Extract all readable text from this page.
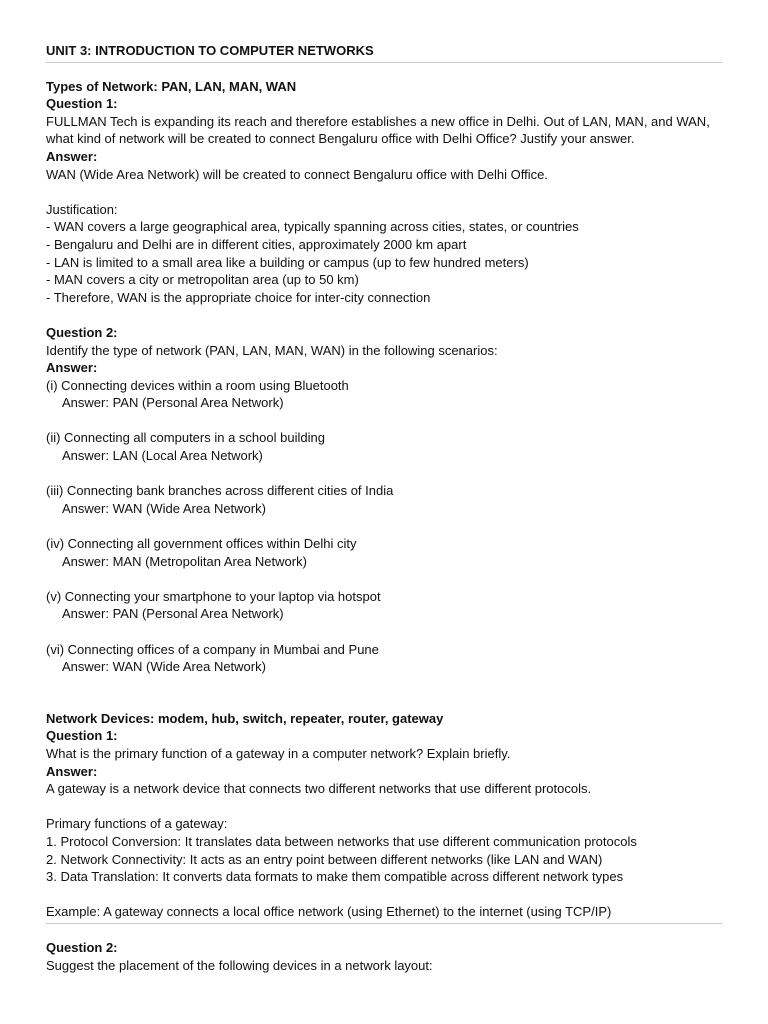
UNIT 3: INTRODUCTION TO COMPUTER NETWORKS
Types of Network: PAN, LAN, MAN, WAN
Question 1:
FULLMAN Tech is expanding its reach and therefore establishes a new office in Delhi. Out of LAN, MAN, and WAN, what kind of network will be created to connect Bengaluru office with Delhi Office? Justify your answer.
Answer:
WAN (Wide Area Network) will be created to connect Bengaluru office with Delhi Office.
Justification:
- WAN covers a large geographical area, typically spanning across cities, states, or countries
- Bengaluru and Delhi are in different cities, approximately 2000 km apart
- LAN is limited to a small area like a building or campus (up to few hundred meters)
- MAN covers a city or metropolitan area (up to 50 km)
- Therefore, WAN is the appropriate choice for inter-city connection
Question 2:
Identify the type of network (PAN, LAN, MAN, WAN) in the following scenarios:
Answer:
(i) Connecting devices within a room using Bluetooth
Answer: PAN (Personal Area Network)
(ii) Connecting all computers in a school building
Answer: LAN (Local Area Network)
(iii) Connecting bank branches across different cities of India
Answer: WAN (Wide Area Network)
(iv) Connecting all government offices within Delhi city
Answer: MAN (Metropolitan Area Network)
(v) Connecting your smartphone to your laptop via hotspot
Answer: PAN (Personal Area Network)
(vi) Connecting offices of a company in Mumbai and Pune
Answer: WAN (Wide Area Network)
Network Devices: modem, hub, switch, repeater, router, gateway
Question 1:
What is the primary function of a gateway in a computer network? Explain briefly.
Answer:
A gateway is a network device that connects two different networks that use different protocols.
Primary functions of a gateway:
1. Protocol Conversion: It translates data between networks that use different communication protocols
2. Network Connectivity: It acts as an entry point between different networks (like LAN and WAN)
3. Data Translation: It converts data formats to make them compatible across different network types
Example: A gateway connects a local office network (using Ethernet) to the internet (using TCP/IP)
Question 2:
Suggest the placement of the following devices in a network layout:
